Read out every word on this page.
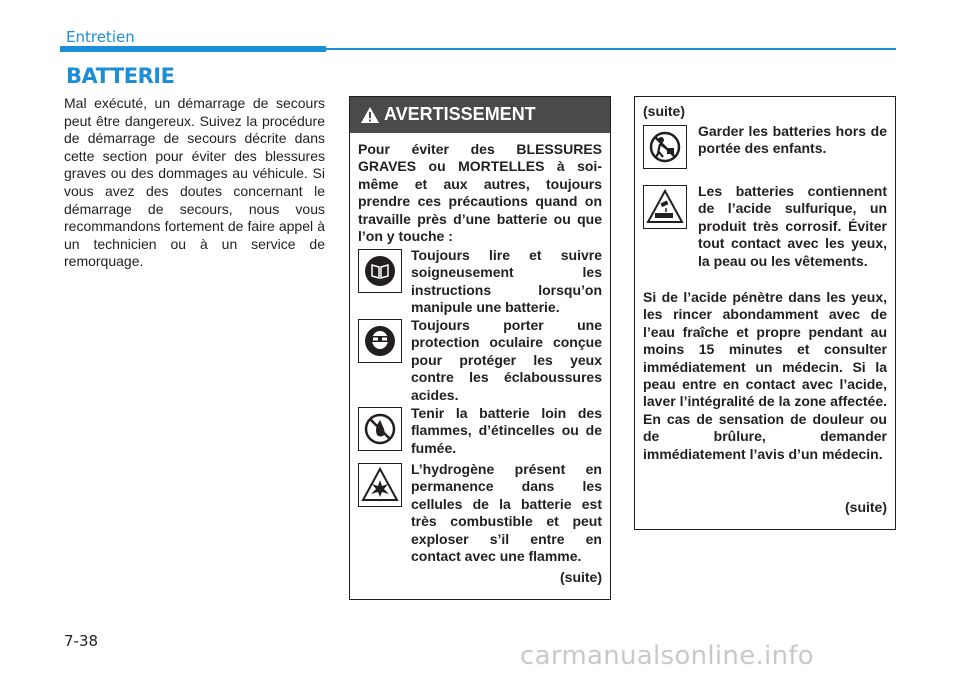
Entretien
BATTERIE
Mal exécuté, un démarrage de secours peut être dangereux. Suivez la procédure de démarrage de secours décrite dans cette section pour éviter des blessures graves ou des dommages au véhicule. Si vous avez des doutes concernant le démarrage de secours, nous vous recommandons fortement de faire appel à un technicien ou à un service de remorquage.
AVERTISSEMENT
Pour éviter des BLESSURES GRAVES ou MORTELLES à soi-même et aux autres, toujours prendre ces précautions quand on travaille près d’une batterie ou que l’on y touche :
Toujours lire et suivre soigneusement les instructions lorsqu’on manipule une batterie.
Toujours porter une protection oculaire conçue pour protéger les yeux contre les éclaboussures acides.
Tenir la batterie loin des flammes, d’étincelles ou de fumée.
L’hydrogène présent en permanence dans les cellules de la batterie est très combustible et peut exploser s’il entre en contact avec une flamme.
(suite)
(suite)
Garder les batteries hors de portée des enfants.
Les batteries contiennent de l’acide sulfurique, un produit très corrosif. Éviter tout contact avec les yeux, la peau ou les vêtements.
Si de l’acide pénètre dans les yeux, les rincer abondamment avec de l’eau fraîche et propre pendant au moins 15 minutes et consulter immédiatement un médecin. Si la peau entre en contact avec l’acide, laver l’intégralité de la zone affectée. En cas de sensation de douleur ou de brûlure, demander immédiatement l’avis d’un médecin.
(suite)
7-38	carmanualsonline.info
